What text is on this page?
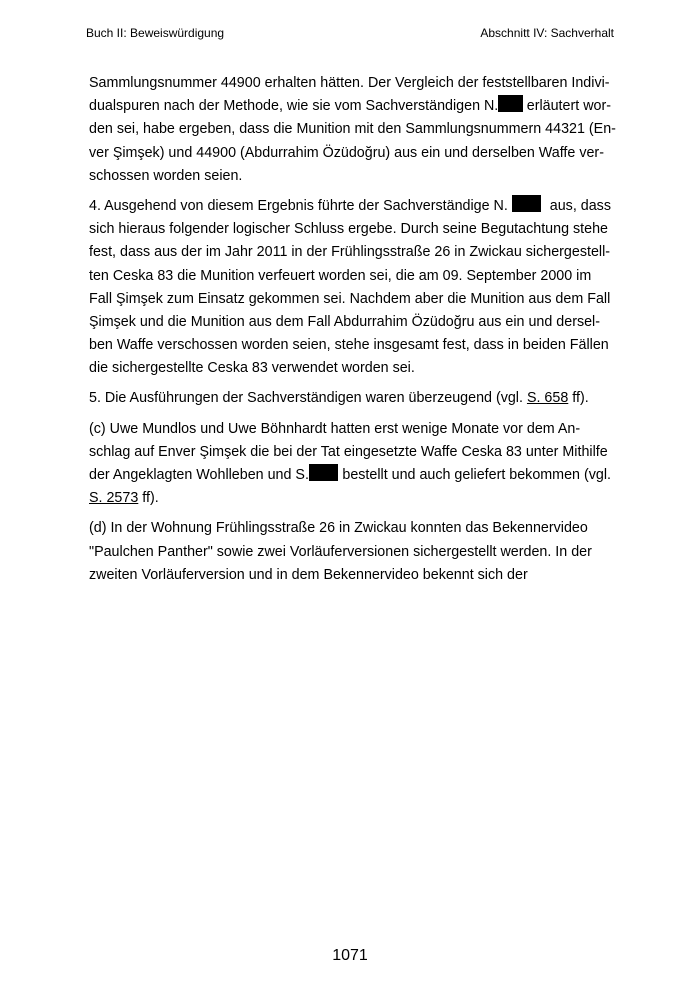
Buch II: Beweiswürdigung	Abschnitt IV: Sachverhalt
Sammlungsnummer 44900 erhalten hätten. Der Vergleich der feststellbaren Indivi-
dualspuren nach der Methode, wie sie vom Sachverständigen N. erläutert wor-
den sei, habe ergeben, dass die Munition mit den Sammlungsnummern 44321 (En-
ver Şimşek) und 44900 (Abdurrahim Özüdoğru) aus ein und derselben Waffe ver-
schossen worden seien.
4. Ausgehend von diesem Ergebnis führte der Sachverständige N.	aus, dass
sich hieraus folgender logischer Schluss ergebe. Durch seine Begutachtung stehe
fest, dass aus der im Jahr 2011 in der Frühlingsstraße 26 in Zwickau sichergestell-
ten Ceska 83 die Munition verfeuert worden sei, die am 09. September 2000 im
Fall Şimşek zum Einsatz gekommen sei. Nachdem aber die Munition aus dem Fall
Şimşek und die Munition aus dem Fall Abdurrahim Özüdoğru aus ein und dersel-
ben Waffe verschossen worden seien, stehe insgesamt fest, dass in beiden Fällen
die sichergestellte Ceska 83 verwendet worden sei.
5. Die Ausführungen der Sachverständigen waren überzeugend (vgl. S. 658 ff).
(c) Uwe Mundlos und Uwe Böhnhardt hatten erst wenige Monate vor dem An-
schlag auf Enver Şimşek die bei der Tat eingesetzte Waffe Ceska 83 unter Mithilfe
der Angeklagten Wohlleben und S. bestellt und auch geliefert bekommen (vgl.
S. 2573 ff).
(d) In der Wohnung Frühlingsstraße 26 in Zwickau konnten das Bekennervideo
"Paulchen Panther" sowie zwei Vorläuferversionen sichergestellt werden. In der
zweiten Vorläuferversion und in dem Bekennervideo bekennt sich der
1071
